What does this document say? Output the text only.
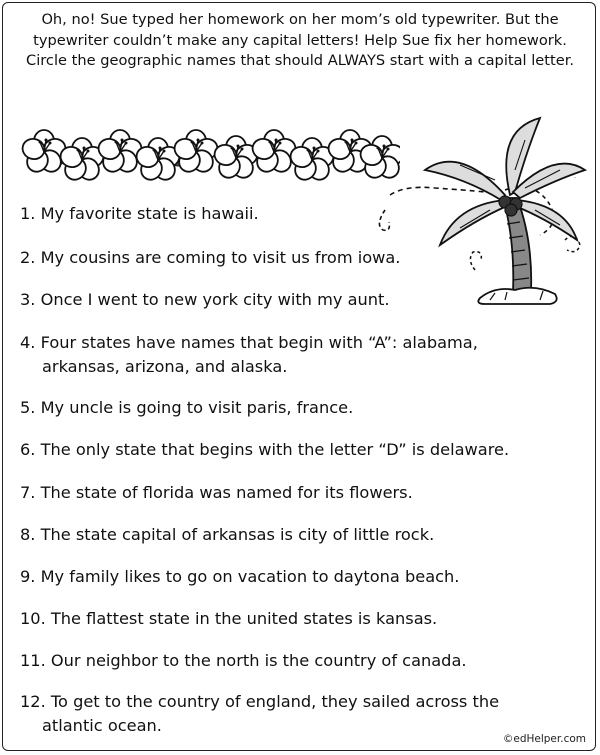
Oh, no! Sue typed her homework on her mom’s old typewriter. But the typewriter couldn’t make any capital letters! Help Sue fix her homework. Circle the geographic names that should ALWAYS start with a capital letter.
1. My favorite state is hawaii.
2. My cousins are coming to visit us from iowa.
3. Once I went to new york city with my aunt.
4. Four states have names that begin with “A”: alabama,
arkansas, arizona, and alaska.
5. My uncle is going to visit paris, france.
6. The only state that begins with the letter “D” is delaware.
7. The state of florida was named for its flowers.
8. The state capital of arkansas is city of little rock.
9. My family likes to go on vacation to daytona beach.
10. The flattest state in the united states is kansas.
11. Our neighbor to the north is the country of canada.
12. To get to the country of england, they sailed across the
atlantic ocean.
©edHelper.com
